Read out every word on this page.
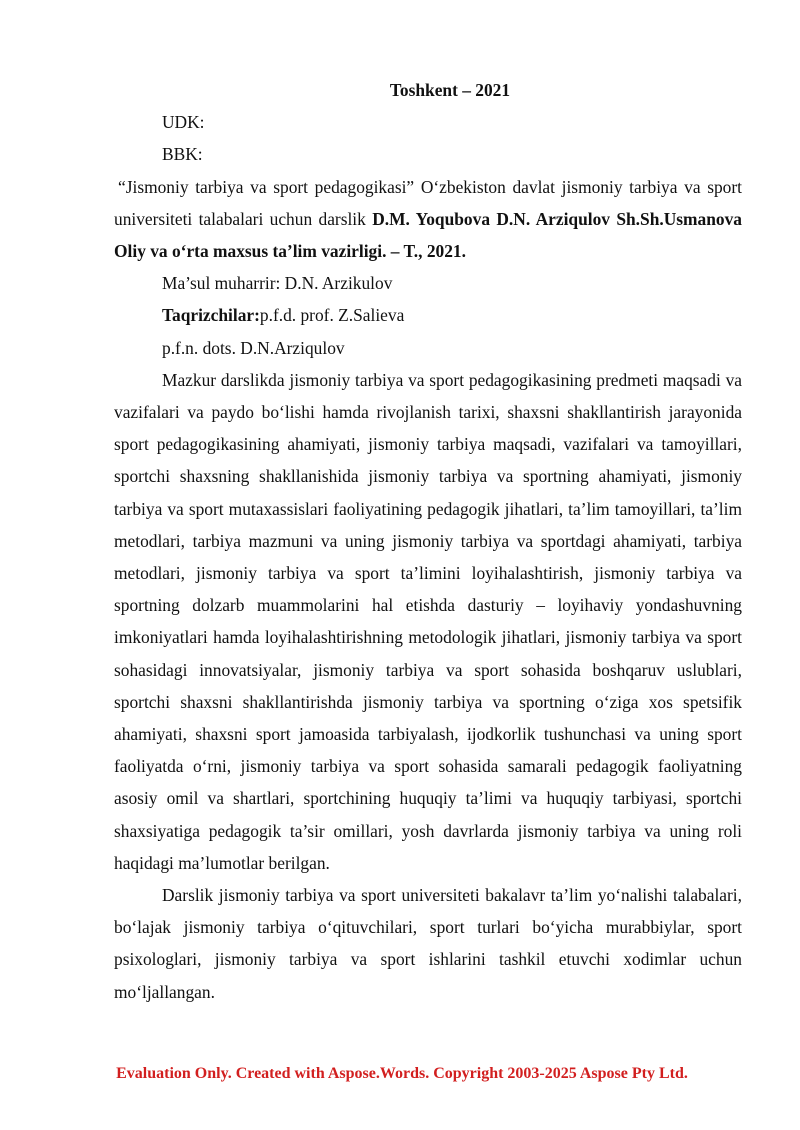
Toshkent – 2021

UDK:

BBK:

“Jismoniy tarbiya va sport pedagogikasi” O‘zbekiston davlat jismoniy tarbiya va sport universiteti talabalari uchun darslik D.M. Yoqubova D.N. Arziqulov Sh.Sh.Usmanova Oliy va o‘rta maxsus ta’lim vazirligi. – T., 2021.

Ma’sul muharrir: D.N. Arzikulov

Taqrizchilar:p.f.d. prof. Z.Salieva

p.f.n. dots. D.N.Arziqulov

Mazkur darslikda jismoniy tarbiya va sport pedagogikasining predmeti maqsadi va vazifalari va paydo bo‘lishi hamda rivojlanish tarixi, shaxsni shakllantirish jarayonida sport pedagogikasining ahamiyati, jismoniy tarbiya maqsadi, vazifalari va tamoyillari, sportchi shaxsning shakllanishida jismoniy tarbiya va sportning ahamiyati, jismoniy tarbiya va sport mutaxassislari faoliyatining pedagogik jihatlari, ta’lim tamoyillari, ta’lim metodlari, tarbiya mazmuni va uning jismoniy tarbiya va sportdagi ahamiyati, tarbiya metodlari, jismoniy tarbiya va sport ta’limini loyihalashtirish, jismoniy tarbiya va sportning dolzarb muammolarini hal etishda dasturiy – loyihaviy yondashuvning imkoniyatlari hamda loyihalashtirishning metodologik jihatlari, jismoniy tarbiya va sport sohasidagi innovatsiyalar, jismoniy tarbiya va sport sohasida boshqaruv uslublari, sportchi shaxsni shakllantirishda jismoniy tarbiya va sportning o‘ziga xos spetsifik ahamiyati, shaxsni sport jamoasida tarbiyalash, ijodkorlik tushunchasi va uning sport faoliyatda o‘rni, jismoniy tarbiya va sport sohasida samarali pedagogik faoliyatning asosiy omil va shartlari, sportchining huquqiy ta’limi va huquqiy tarbiyasi, sportchi shaxsiyatiga pedagogik ta’sir omillari, yosh davrlarda jismoniy tarbiya va uning roli haqidagi ma’lumotlar berilgan.

Darslik jismoniy tarbiya va sport universiteti bakalavr ta’lim yo‘nalishi talabalari, bo‘lajak jismoniy tarbiya o‘qituvchilari, sport turlari bo‘yicha murabbiylar, sport psixologlari, jismoniy tarbiya va sport ishlarini tashkil etuvchi xodimlar uchun mo‘ljallangan.

Evaluation Only. Created with Aspose.Words. Copyright 2003-2025 Aspose Pty Ltd.
